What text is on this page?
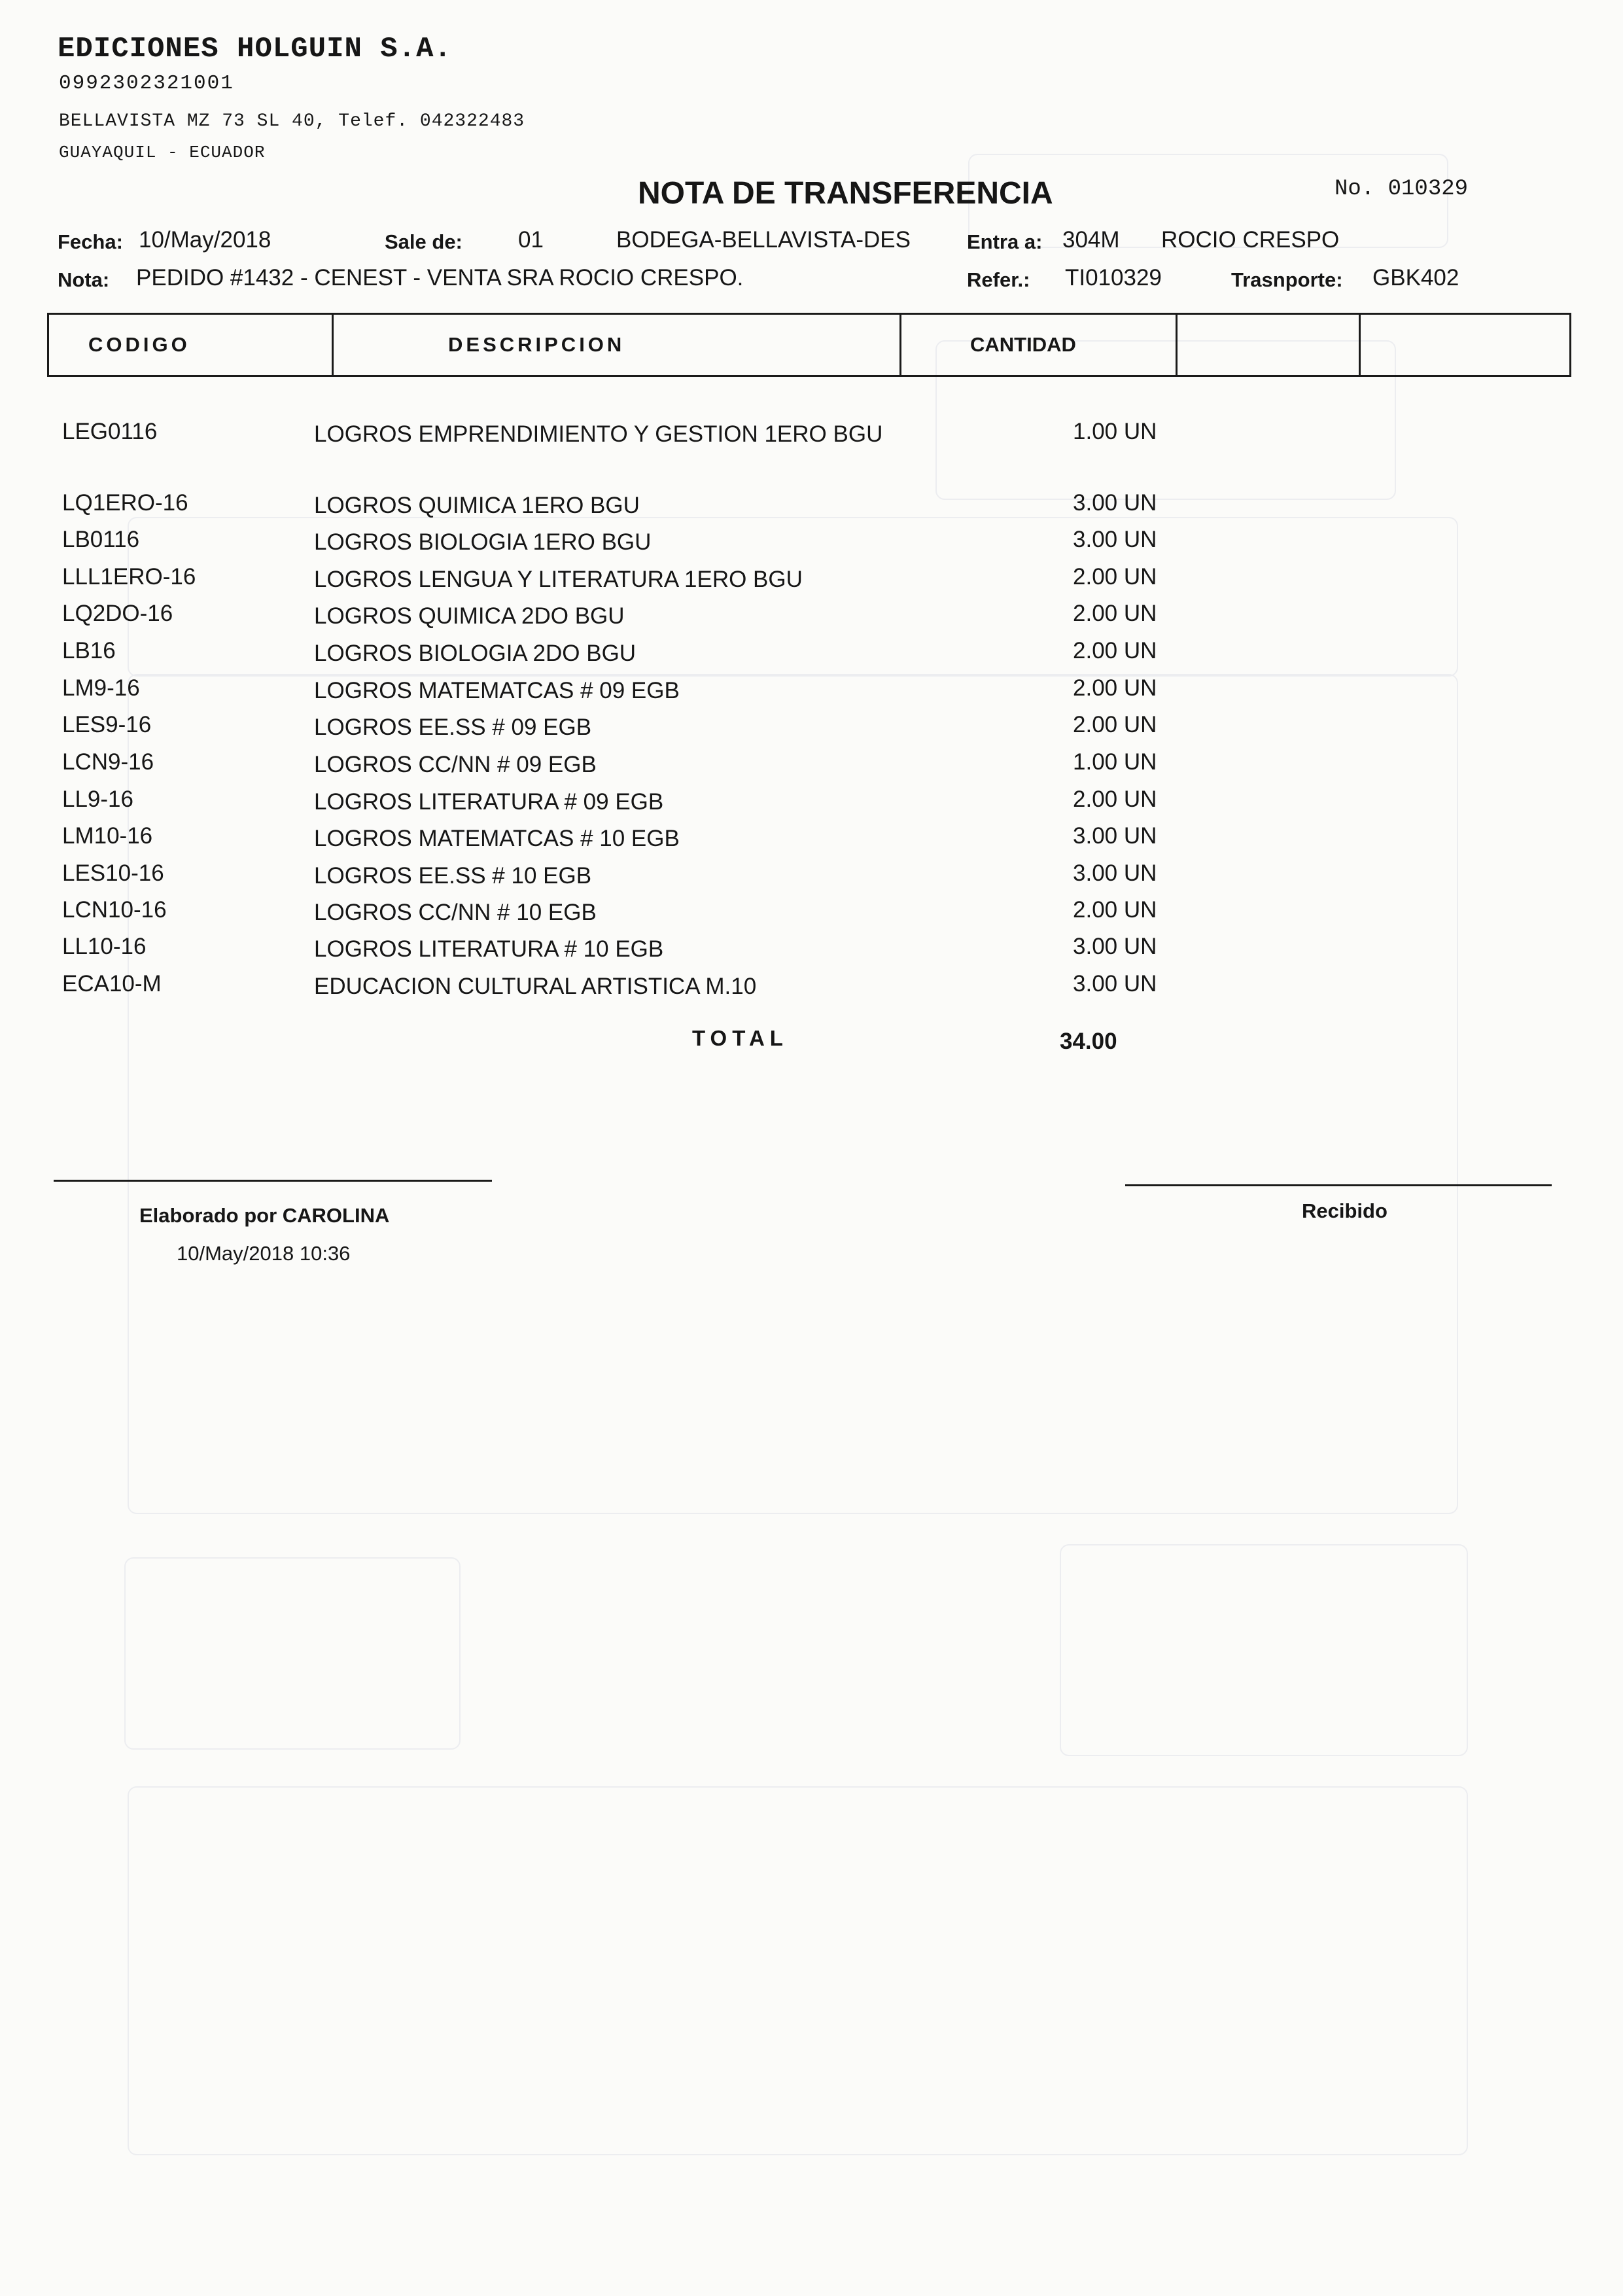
EDICIONES HOLGUIN S.A.
0992302321001
BELLAVISTA MZ 73 SL 40, Telef. 042322483
GUAYAQUIL - ECUADOR
NOTA DE TRANSFERENCIA	No. 010329
Fecha: 10/May/2018	Sale de: 01	BODEGA-BELLAVISTA-DES	Entra a: 304M ROCIO CRESPO
Nota: PEDIDO #1432 - CENEST - VENTA SRA ROCIO CRESPO.	Refer.: TI010329	Trasnporte: GBK402
CODIGO	DESCRIPCION	CANTIDAD
LEG0116	LOGROS EMPRENDIMIENTO Y GESTION 1ERO BGU	1.00 UN
LQ1ERO-16	LOGROS QUIMICA 1ERO BGU	3.00 UN
LB0116	LOGROS BIOLOGIA 1ERO BGU	3.00 UN
LLL1ERO-16	LOGROS LENGUA Y LITERATURA 1ERO BGU	2.00 UN
LQ2DO-16	LOGROS QUIMICA 2DO BGU	2.00 UN
LB16	LOGROS BIOLOGIA 2DO BGU	2.00 UN
LM9-16	LOGROS MATEMATCAS # 09 EGB	2.00 UN
LES9-16	LOGROS EE.SS # 09 EGB	2.00 UN
LCN9-16	LOGROS CC/NN # 09 EGB	1.00 UN
LL9-16	LOGROS LITERATURA # 09 EGB	2.00 UN
LM10-16	LOGROS MATEMATCAS # 10 EGB	3.00 UN
LES10-16	LOGROS EE.SS # 10 EGB	3.00 UN
LCN10-16	LOGROS CC/NN # 10 EGB	2.00 UN
LL10-16	LOGROS LITERATURA # 10 EGB	3.00 UN
ECA10-M	EDUCACION CULTURAL ARTISTICA M.10	3.00 UN
TOTAL	34.00
Elaborado por CAROLINA
10/May/2018 10:36
Recibido
